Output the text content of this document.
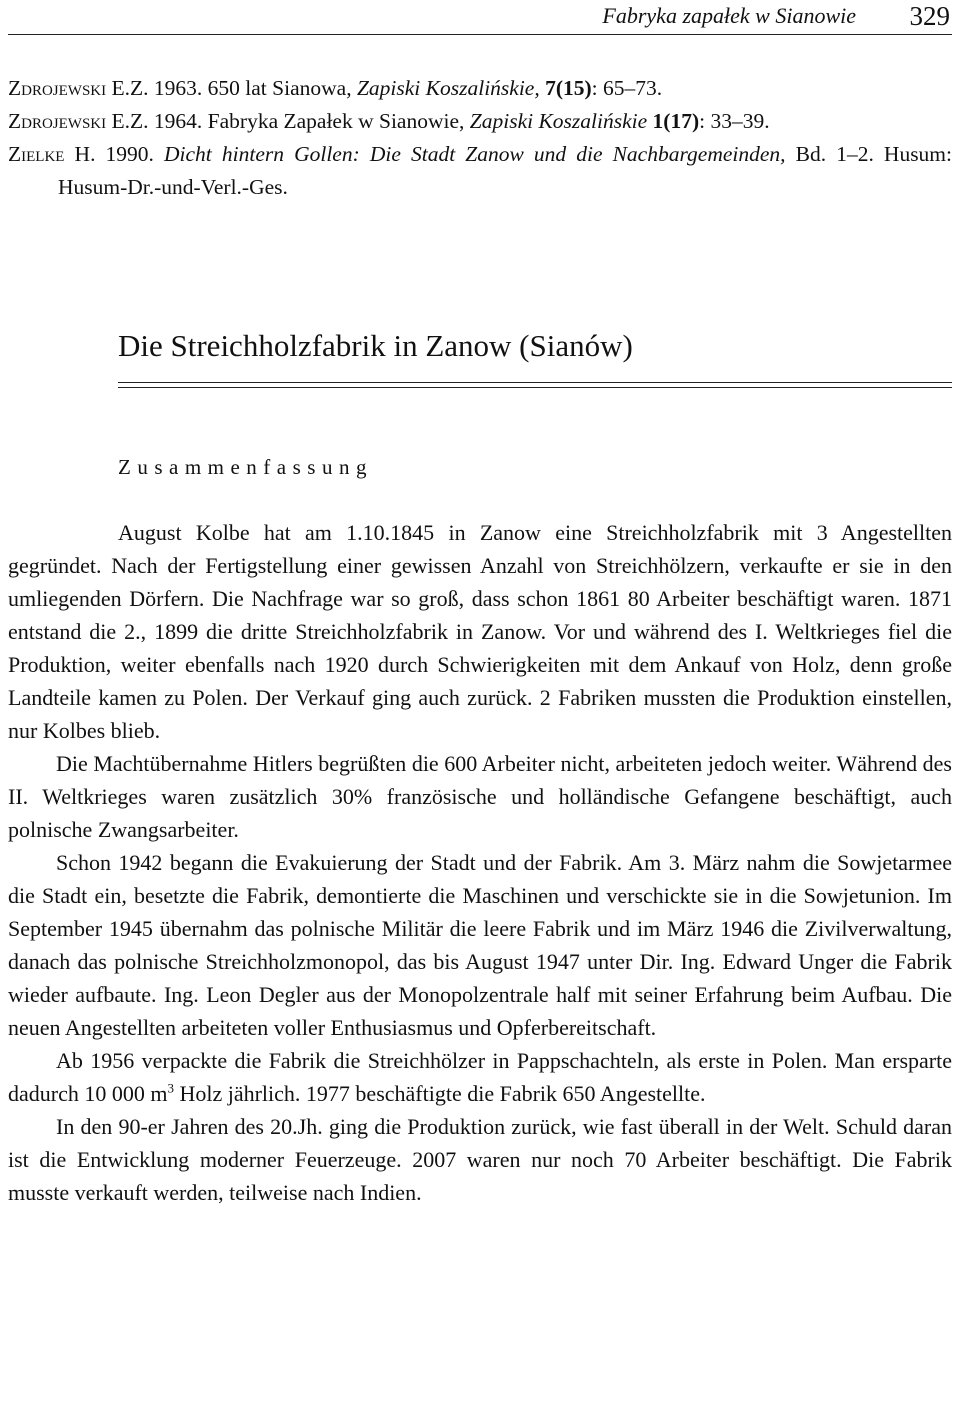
Fabryka zapałek w Sianowie 329
Zdrojewski E.Z. 1963. 650 lat Sianowa, Zapiski Koszalińskie, 7(15): 65–73.
Zdrojewski E.Z. 1964. Fabryka Zapałek w Sianowie, Zapiski Koszalińskie 1(17): 33–39.
Zielke H. 1990. Dicht hintern Gollen: Die Stadt Zanow und die Nachbargemeinden, Bd. 1–2. Husum: Husum-Dr.-und-Verl.-Ges.
Die Streichholzfabrik in Zanow (Sianów)
Zusammenfassung

August Kolbe hat am 1.10.1845 in Zanow eine Streichholzfabrik mit 3 Angestellten gegründet. Nach der Fertigstellung einer gewissen Anzahl von Streichhölzern, verkaufte er sie in den umliegenden Dörfern. Die Nachfrage war so groß, dass schon 1861 80 Arbeiter beschäftigt waren. 1871 entstand die 2., 1899 die dritte Streichholzfabrik in Zanow. Vor und während des I. Weltkrieges fiel die Produktion, weiter ebenfalls nach 1920 durch Schwierigkeiten mit dem Ankauf von Holz, denn große Landteile kamen zu Polen. Der Verkauf ging auch zurück. 2 Fabriken mussten die Produktion einstellen, nur Kolbes blieb.

Die Machtübernahme Hitlers begrüßten die 600 Arbeiter nicht, arbeiteten jedoch weiter. Während des II. Weltkrieges waren zusätzlich 30% französische und holländische Gefangene beschäftigt, auch polnische Zwangsarbeiter.

Schon 1942 begann die Evakuierung der Stadt und der Fabrik. Am 3. März nahm die Sowjetarmee die Stadt ein, besetzte die Fabrik, demontierte die Maschinen und verschickte sie in die Sowjetunion. Im September 1945 übernahm das polnische Militär die leere Fabrik und im März 1946 die Zivilverwaltung, danach das polnische Streichholzmonopol, das bis August 1947 unter Dir. Ing. Edward Unger die Fabrik wieder aufbaute. Ing. Leon Degler aus der Monopolzentrale half mit seiner Erfahrung beim Aufbau. Die neuen Angestellten arbeiteten voller Enthusiasmus und Opferbereitschaft.

Ab 1956 verpackte die Fabrik die Streichhölzer in Pappschachteln, als erste in Polen. Man ersparte dadurch 10 000 $m^3$ Holz jährlich. 1977 beschäftigte die Fabrik 650 Angestellte.

In den 90-er Jahren des 20.Jh. ging die Produktion zurück, wie fast überall in der Welt. Schuld daran ist die Entwicklung moderner Feuerzeuge. 2007 waren nur noch 70 Arbeiter beschäftigt. Die Fabrik musste verkauft werden, teilweise nach Indien.
